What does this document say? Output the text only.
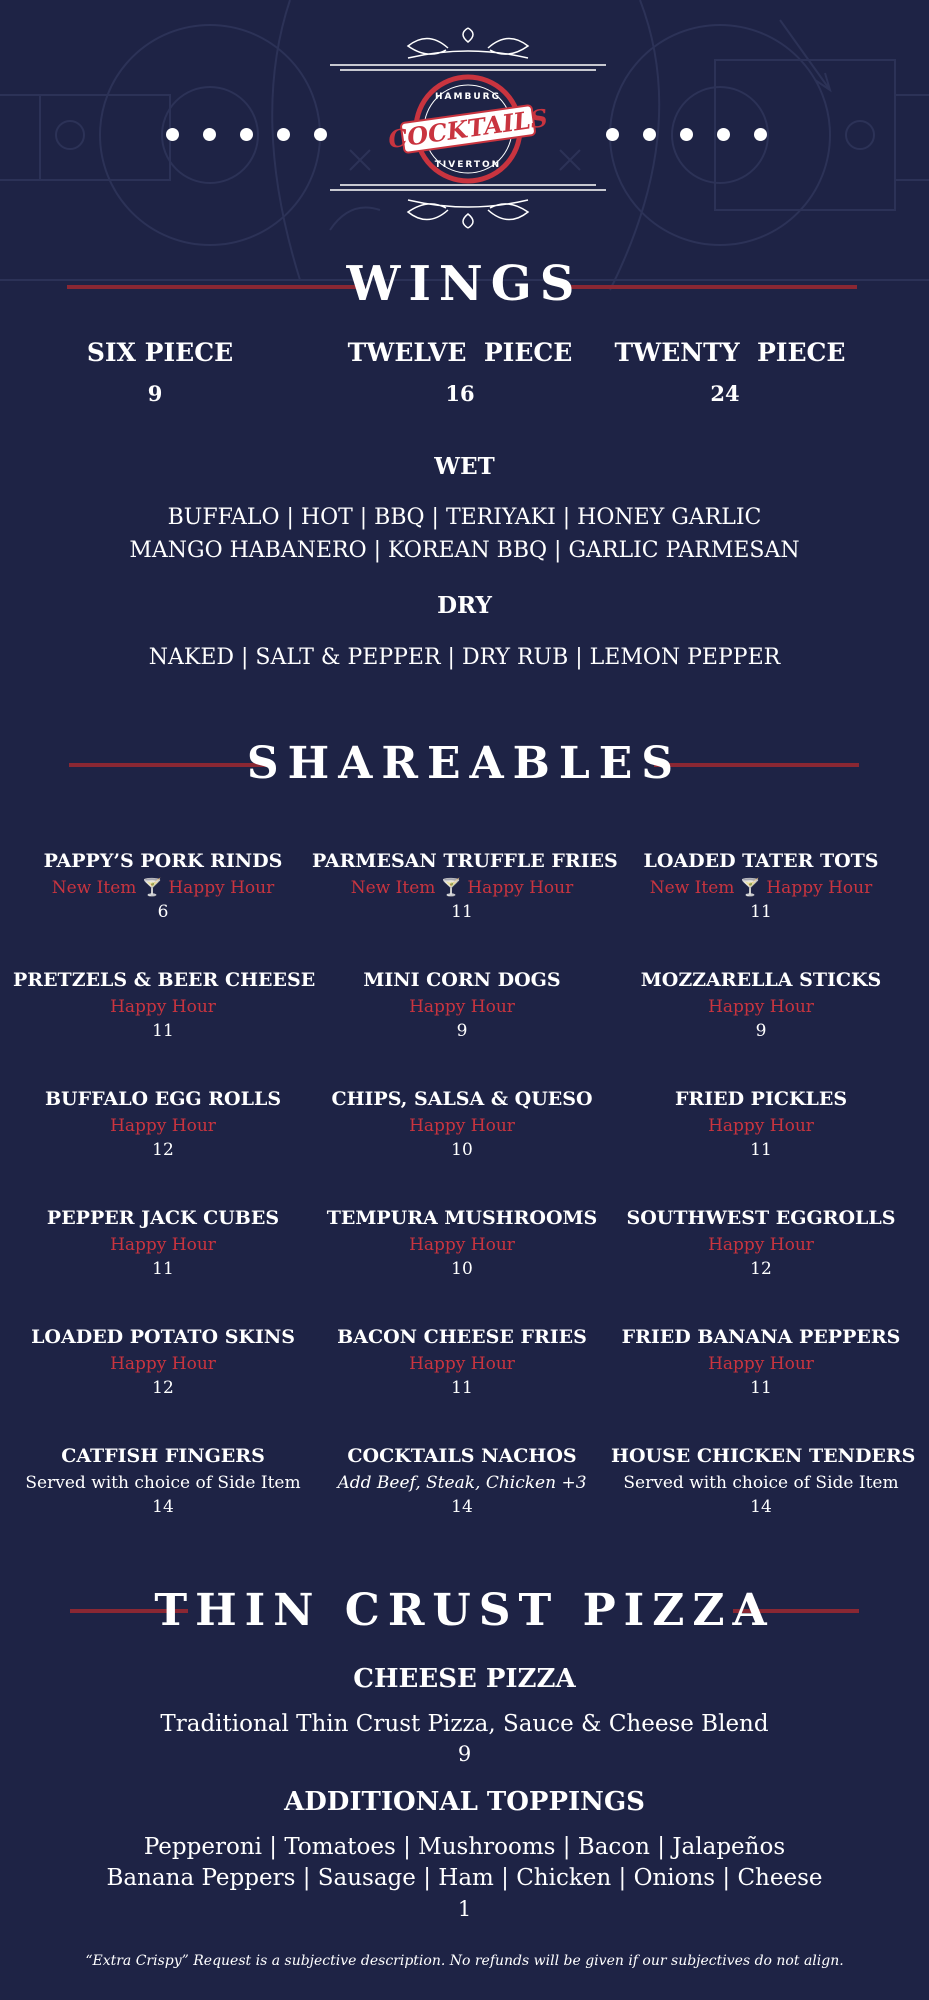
HAMBURG
TIVERTON
COCKTAILS
WINGS
SIX PIECE
9
TWELVE  PIECE
16
TWENTY  PIECE
24
WET
BUFFALO | HOT | BBQ | TERIYAKI | HONEY GARLIC
MANGO HABANERO | KOREAN BBQ | GARLIC PARMESAN
DRY
NAKED | SALT & PEPPER | DRY RUB | LEMON PEPPER
SHAREABLES
PAPPY’S PORK RINDS
New Item 🍸 Happy Hour
6
PARMESAN TRUFFLE FRIES
New Item 🍸 Happy Hour
11
LOADED TATER TOTS
New Item 🍸 Happy Hour
11
PRETZELS & BEER CHEESE
Happy Hour
11
MINI CORN DOGS
Happy Hour
9
MOZZARELLA STICKS
Happy Hour
9
BUFFALO EGG ROLLS
Happy Hour
12
CHIPS, SALSA & QUESO
Happy Hour
10
FRIED PICKLES
Happy Hour
11
PEPPER JACK CUBES
Happy Hour
11
TEMPURA MUSHROOMS
Happy Hour
10
SOUTHWEST EGGROLLS
Happy Hour
12
LOADED POTATO SKINS
Happy Hour
12
BACON CHEESE FRIES
Happy Hour
11
FRIED BANANA PEPPERS
Happy Hour
11
CATFISH FINGERS
Served with choice of Side Item
14
COCKTAILS NACHOS
Add Beef, Steak, Chicken +3
14
HOUSE CHICKEN TENDERS
Served with choice of Side Item
14
THIN CRUST PIZZA
CHEESE PIZZA
Traditional Thin Crust Pizza, Sauce & Cheese Blend
9
ADDITIONAL TOPPINGS
Pepperoni | Tomatoes | Mushrooms | Bacon | Jalapeños
Banana Peppers | Sausage | Ham | Chicken | Onions | Cheese
1
“Extra Crispy” Request is a subjective description. No refunds will be given if our subjectives do not align.
